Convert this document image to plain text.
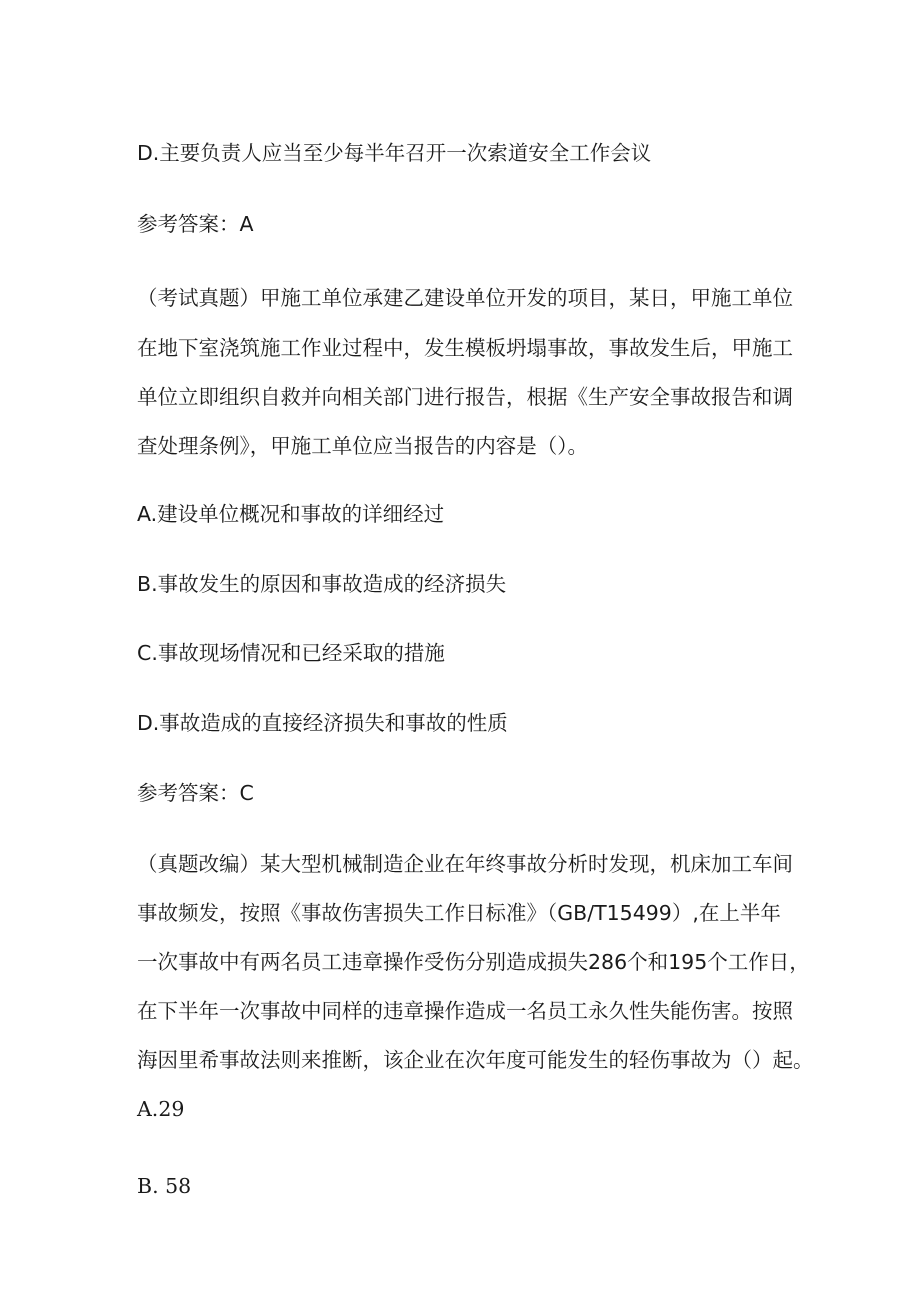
D.主要负责人应当至少每半年召开一次索道安全工作会议

参考答案：A

（考试真题）甲施工单位承建乙建设单位开发的项目，某日，甲施工单位

在地下室浇筑施工作业过程中，发生模板坍塌事故，事故发生后，甲施工

单位立即组织自救并向相关部门进行报告，根据《生产安全事故报告和调

查处理条例》，甲施工单位应当报告的内容是（）。

A.建设单位概况和事故的详细经过

B.事故发生的原因和事故造成的经济损失

C.事故现场情况和已经采取的措施

D.事故造成的直接经济损失和事故的性质

参考答案：C

（真题改编）某大型机械制造企业在年终事故分析时发现，机床加工车间

事故频发，按照《事故伤害损失工作日标准》（GB/T15499）,在上半年

一次事故中有两名员工违章操作受伤分别造成损失286个和195个工作日，

在下半年一次事故中同样的违章操作造成一名员工永久性失能伤害。按照

海因里希事故法则来推断，该企业在次年度可能发生的轻伤事故为（）起。

A.29

B. 58
